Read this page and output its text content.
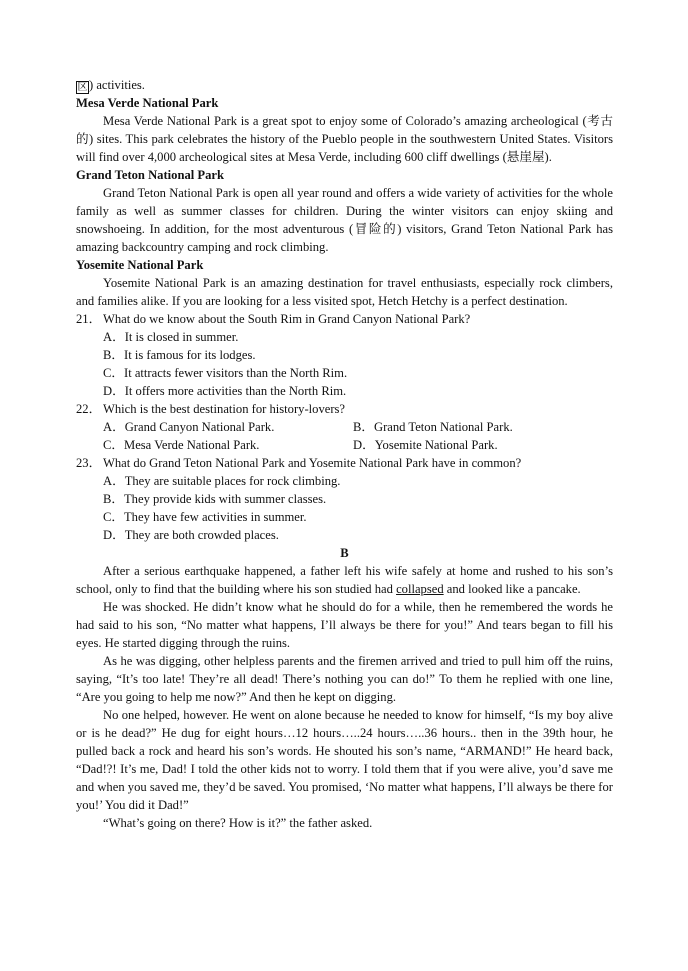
区 ) activities.

Mesa Verde National Park

Mesa Verde National Park is a great spot to enjoy some of Colorado’s amazing archeological (考古的) sites. This park celebrates the history of the Pueblo people in the southwestern United States. Visitors will find over 4,000 archeological sites at Mesa Verde, including 600 cliff dwellings (悬崖屋).

Grand Teton National Park

Grand Teton National Park is open all year round and offers a wide variety of activities for the whole family as well as summer classes for children. During the winter visitors can enjoy skiing and snowshoeing. In addition, for the most adventurous (冒险的) visitors, Grand Teton National Park has amazing backcountry camping and rock climbing.

Yosemite National Park

Yosemite National Park is an amazing destination for travel enthusiasts, especially rock climbers, and families alike. If you are looking for a less visited spot, Hetch Hetchy is a perfect destination.

21． What do we know about the South Rim in Grand Canyon National Park?

A．It is closed in summer.

B．It is famous for its lodges.

C．It attracts fewer visitors than the North Rim.

D．It offers more activities than the North Rim.

22． Which is the best destination for history-lovers?

A．Grand Canyon National Park.	B．Grand Teton National Park.
C．Mesa Verde National Park.	D．Yosemite National Park.

23． What do Grand Teton National Park and Yosemite National Park have in common?

A．They are suitable places for rock climbing.

B．They provide kids with summer classes.

C．They have few activities in summer.

D．They are both crowded places.

B

After a serious earthquake happened, a father left his wife safely at home and rushed to his son’s school, only to find that the building where his son studied had collapsed and looked like a pancake.

He was shocked. He didn’t know what he should do for a while, then he remembered the words he had said to his son, “No matter what happens, I’ll always be there for you!” And tears began to fill his eyes. He started digging through the ruins.

As he was digging, other helpless parents and the firemen arrived and tried to pull him off the ruins, saying, “It’s too late! They’re all dead! There’s nothing you can do!” To them he replied with one line, “Are you going to help me now?” And then he kept on digging.

No one helped, however. He went on alone because he needed to know for himself, “Is my boy alive or is he dead?” He dug for eight hours…12 hours…..24 hours…..36 hours.. then in the 39th hour, he pulled back a rock and heard his son’s words. He shouted his son’s name, “ARMAND!” He heard back, “Dad!?! It’s me, Dad! I told the other kids not to worry. I told them that if you were alive, you’d save me and when you saved me, they’d be saved. You promised, ‘No matter what happens, I’ll always be there for you!’ You did it Dad!”

“What’s going on there? How is it?” the father asked.
